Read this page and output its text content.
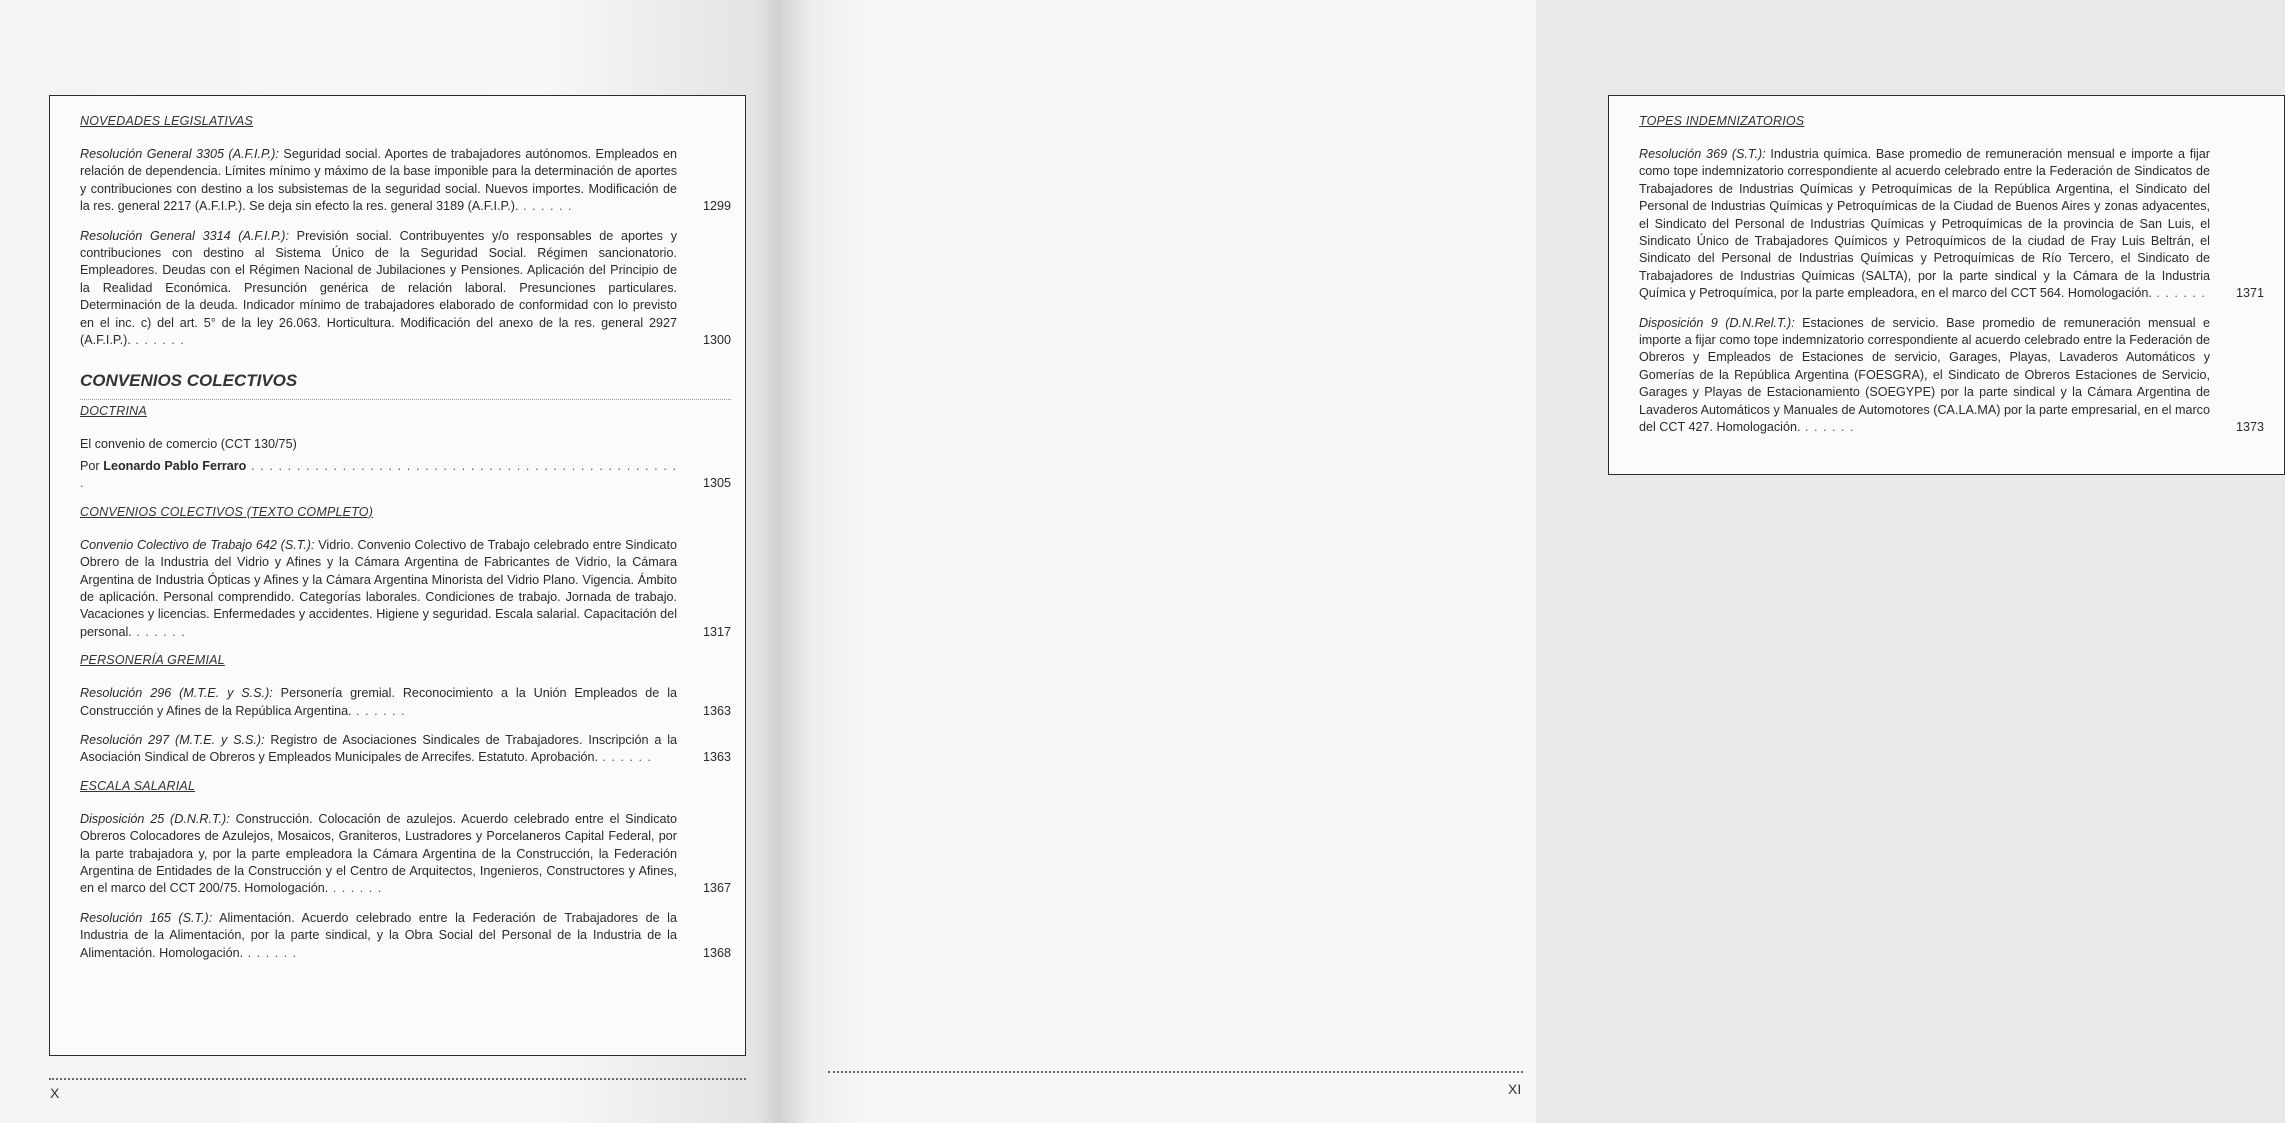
NOVEDADES LEGISLATIVAS
Resolución General 3305 (A.F.I.P.): Seguridad social. Aportes de trabajadores autónomos. Empleados en relación de dependencia. Límites mínimo y máximo de la base imponible para la determinación de aportes y contribuciones con destino a los subsistemas de la seguridad social. Nuevos importes. Modificación de la res. general 2217 (A.F.I.P.). Se deja sin efecto la res. general 3189 (A.F.I.P.). . . . . . .	1299
Resolución General 3314 (A.F.I.P.): Previsión social. Contribuyentes y/o responsables de aportes y contribuciones con destino al Sistema Único de la Seguridad Social. Régimen sancionatorio. Empleadores. Deudas con el Régimen Nacional de Jubilaciones y Pensiones. Aplicación del Principio de la Realidad Económica. Presunción genérica de relación laboral. Presunciones particulares. Determinación de la deuda. Indicador mínimo de trabajadores elaborado de conformidad con lo previsto en el inc. c) del art. 5° de la ley 26.063. Horticultura. Modificación del anexo de la res. general 2927 (A.F.I.P.). . . . . . .	1300
CONVENIOS COLECTIVOS
DOCTRINA
El convenio de comercio (CCT 130/75)
Por Leonardo Pablo Ferraro . . . . . . . . . . . . . . . . . . . . . . . . . . . . . . . . . . . . . . . . . . . . . . . .	1305
CONVENIOS COLECTIVOS (TEXTO COMPLETO)
Convenio Colectivo de Trabajo 642 (S.T.): Vidrio. Convenio Colectivo de Trabajo celebrado entre Sindicato Obrero de la Industria del Vidrio y Afines y la Cámara Argentina de Fabricantes de Vidrio, la Cámara Argentina de Industria Ópticas y Afines y la Cámara Argentina Minorista del Vidrio Plano. Vigencia. Ámbito de aplicación. Personal comprendido. Categorías laborales. Condiciones de trabajo. Jornada de trabajo. Vacaciones y licencias. Enfermedades y accidentes. Higiene y seguridad. Escala salarial. Capacitación del personal. . . . . . .	1317
PERSONERÍA GREMIAL
Resolución 296 (M.T.E. y S.S.): Personería gremial. Reconocimiento a la Unión Empleados de la Construcción y Afines de la República Argentina. . . . . . .	1363
Resolución 297 (M.T.E. y S.S.): Registro de Asociaciones Sindicales de Trabajadores. Inscripción a la Asociación Sindical de Obreros y Empleados Municipales de Arrecifes. Estatuto. Aprobación. . . . . . .	1363
ESCALA SALARIAL
Disposición 25 (D.N.R.T.): Construcción. Colocación de azulejos. Acuerdo celebrado entre el Sindicato Obreros Colocadores de Azulejos, Mosaicos, Graniteros, Lustradores y Porcelaneros Capital Federal, por la parte trabajadora y, por la parte empleadora la Cámara Argentina de la Construcción, la Federación Argentina de Entidades de la Construcción y el Centro de Arquitectos, Ingenieros, Constructores y Afines, en el marco del CCT 200/75. Homologación. . . . . . .	1367
Resolución 165 (S.T.): Alimentación. Acuerdo celebrado entre la Federación de Trabajadores de la Industria de la Alimentación, por la parte sindical, y la Obra Social del Personal de la Industria de la Alimentación. Homologación. . . . . . .	1368
X
TOPES INDEMNIZATORIOS
Resolución 369 (S.T.): Industria química. Base promedio de remuneración mensual e importe a fijar como tope indemnizatorio correspondiente al acuerdo celebrado entre la Federación de Sindicatos de Trabajadores de Industrias Químicas y Petroquímicas de la República Argentina, el Sindicato del Personal de Industrias Químicas y Petroquímicas de la Ciudad de Buenos Aires y zonas adyacentes, el Sindicato del Personal de Industrias Químicas y Petroquímicas de la provincia de San Luis, el Sindicato Único de Trabajadores Químicos y Petroquímicos de la ciudad de Fray Luis Beltrán, el Sindicato del Personal de Industrias Químicas y Petroquímicas de Río Tercero, el Sindicato de Trabajadores de Industrias Químicas (SALTA), por la parte sindical y la Cámara de la Industria Química y Petroquímica, por la parte empleadora, en el marco del CCT 564. Homologación. . . . . . .	1371
Disposición 9 (D.N.Rel.T.): Estaciones de servicio. Base promedio de remuneración mensual e importe a fijar como tope indemnizatorio correspondiente al acuerdo celebrado entre la Federación de Obreros y Empleados de Estaciones de servicio, Garages, Playas, Lavaderos Automáticos y Gomerías de la República Argentina (FOESGRA), el Sindicato de Obreros Estaciones de Servicio, Garages y Playas de Estacionamiento (SOEGYPE) por la parte sindical y la Cámara Argentina de Lavaderos Automáticos y Manuales de Automotores (CA.LA.MA) por la parte empresarial, en el marco del CCT 427. Homologación. . . . . . .	1373
XI
